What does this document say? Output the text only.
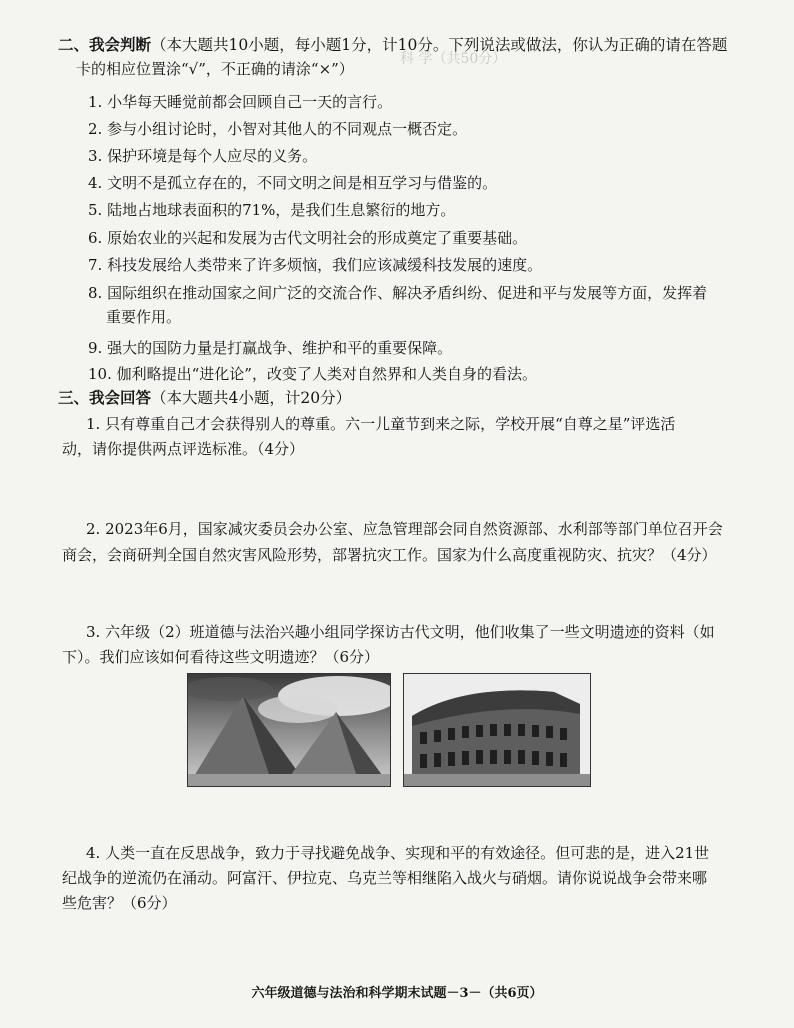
科 学（共50分）
二、我会判断（本大题共10小题，每小题1分，计10分。下列说法或做法，你认为正确的请在答题
卡的相应位置涂“√”，不正确的请涂“×”）
1. 小华每天睡觉前都会回顾自己一天的言行。
2. 参与小组讨论时，小智对其他人的不同观点一概否定。
3. 保护环境是每个人应尽的义务。
4. 文明不是孤立存在的，不同文明之间是相互学习与借鉴的。
5. 陆地占地球表面积的71%，是我们生息繁衍的地方。
6. 原始农业的兴起和发展为古代文明社会的形成奠定了重要基础。
7. 科技发展给人类带来了许多烦恼，我们应该减缓科技发展的速度。
8. 国际组织在推动国家之间广泛的交流合作、解决矛盾纠纷、促进和平与发展等方面，发挥着
重要作用。
9. 强大的国防力量是打赢战争、维护和平的重要保障。
10. 伽利略提出“进化论”，改变了人类对自然界和人类自身的看法。
三、我会回答（本大题共4小题，计20分）
1. 只有尊重自己才会获得别人的尊重。六一儿童节到来之际，学校开展“自尊之星”评选活
动，请你提供两点评选标准。（4分）
2. 2023年6月，国家减灾委员会办公室、应急管理部会同自然资源部、水利部等部门单位召开会
商会，会商研判全国自然灾害风险形势，部署抗灾工作。国家为什么高度重视防灾、抗灾？（4分）
3. 六年级（2）班道德与法治兴趣小组同学探访古代文明，他们收集了一些文明遗迹的资料（如
下）。我们应该如何看待这些文明遗迹？（6分）
4. 人类一直在反思战争，致力于寻找避免战争、实现和平的有效途径。但可悲的是，进入21世
纪战争的逆流仍在涌动。阿富汗、伊拉克、乌克兰等相继陷入战火与硝烟。请你说说战争会带来哪
些危害？（6分）
六年级道德与法治和科学期末试题－3－（共6页）
